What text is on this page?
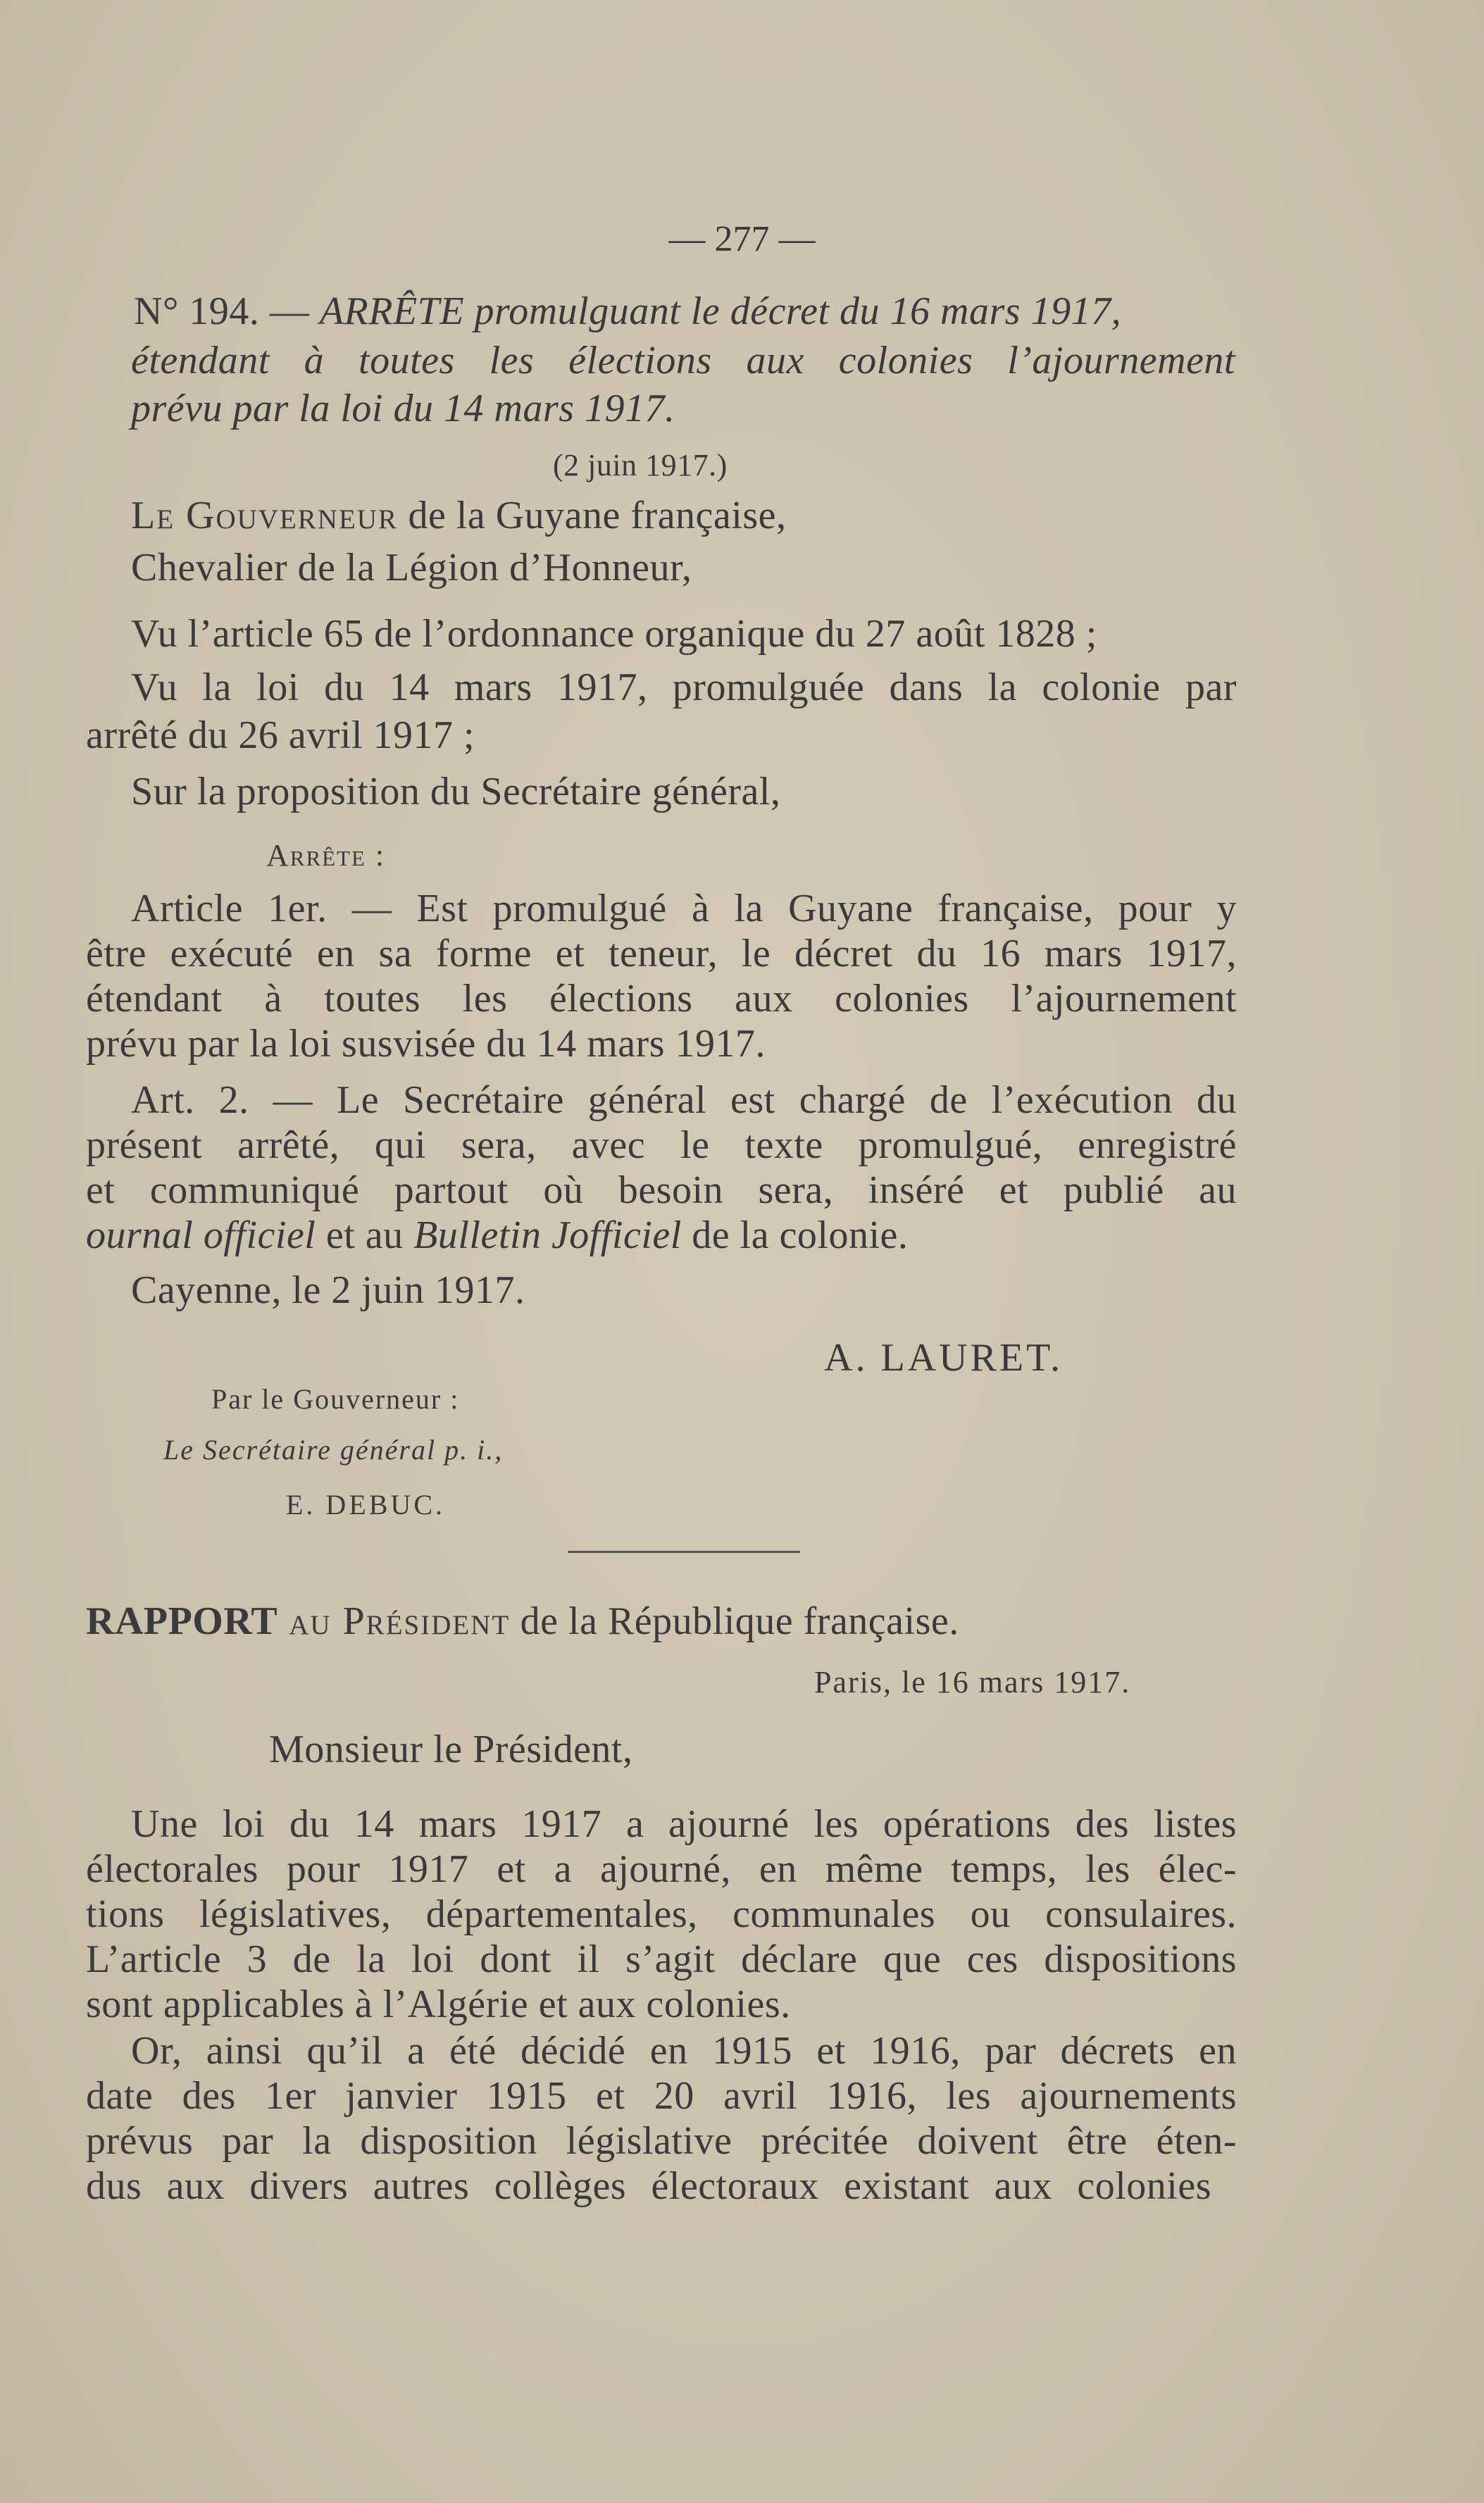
— 277 —
N° 194. — ARRÊTE promulguant le décret du 16 mars 1917,
étendant à toutes les élections aux colonies l’ajournement
prévu par la loi du 14 mars 1917.
(2 juin 1917.)
Le Gouverneur de la Guyane française,
Chevalier de la Légion d’Honneur,
Vu l’article 65 de l’ordonnance organique du 27 août 1828 ;
Vu la loi du 14 mars 1917, promulguée dans la colonie par
arrêté du 26 avril 1917 ;
Sur la proposition du Secrétaire général,
Arrête :
Article 1er. — Est promulgué à la Guyane française, pour y
être exécuté en sa forme et teneur, le décret du 16 mars 1917,
étendant à toutes les élections aux colonies l’ajournement
prévu par la loi susvisée du 14 mars 1917.
Art. 2. — Le Secrétaire général est chargé de l’exécution du
présent arrêté, qui sera, avec le texte promulgué, enregistré
et communiqué partout où besoin sera, inséré et publié au
ournal officiel et au Bulletin Jofficiel de la colonie.
Cayenne, le 2 juin 1917.
A. LAURET.
Par le Gouverneur :
Le Secrétaire général p. i.,
E. DEBUC.
RAPPORT au Président de la République française.
Paris, le 16 mars 1917.
Monsieur le Président,
Une loi du 14 mars 1917 a ajourné les opérations des listes
électorales pour 1917 et a ajourné, en même temps, les élec-
tions législatives, départementales, communales ou consulaires.
L’article 3 de la loi dont il s’agit déclare que ces dispositions
sont applicables à l’Algérie et aux colonies.
Or, ainsi qu’il a été décidé en 1915 et 1916, par décrets en
date des 1er janvier 1915 et 20 avril 1916, les ajournements
prévus par la disposition législative précitée doivent être éten-
dus aux divers autres collèges électoraux existant aux colonies
